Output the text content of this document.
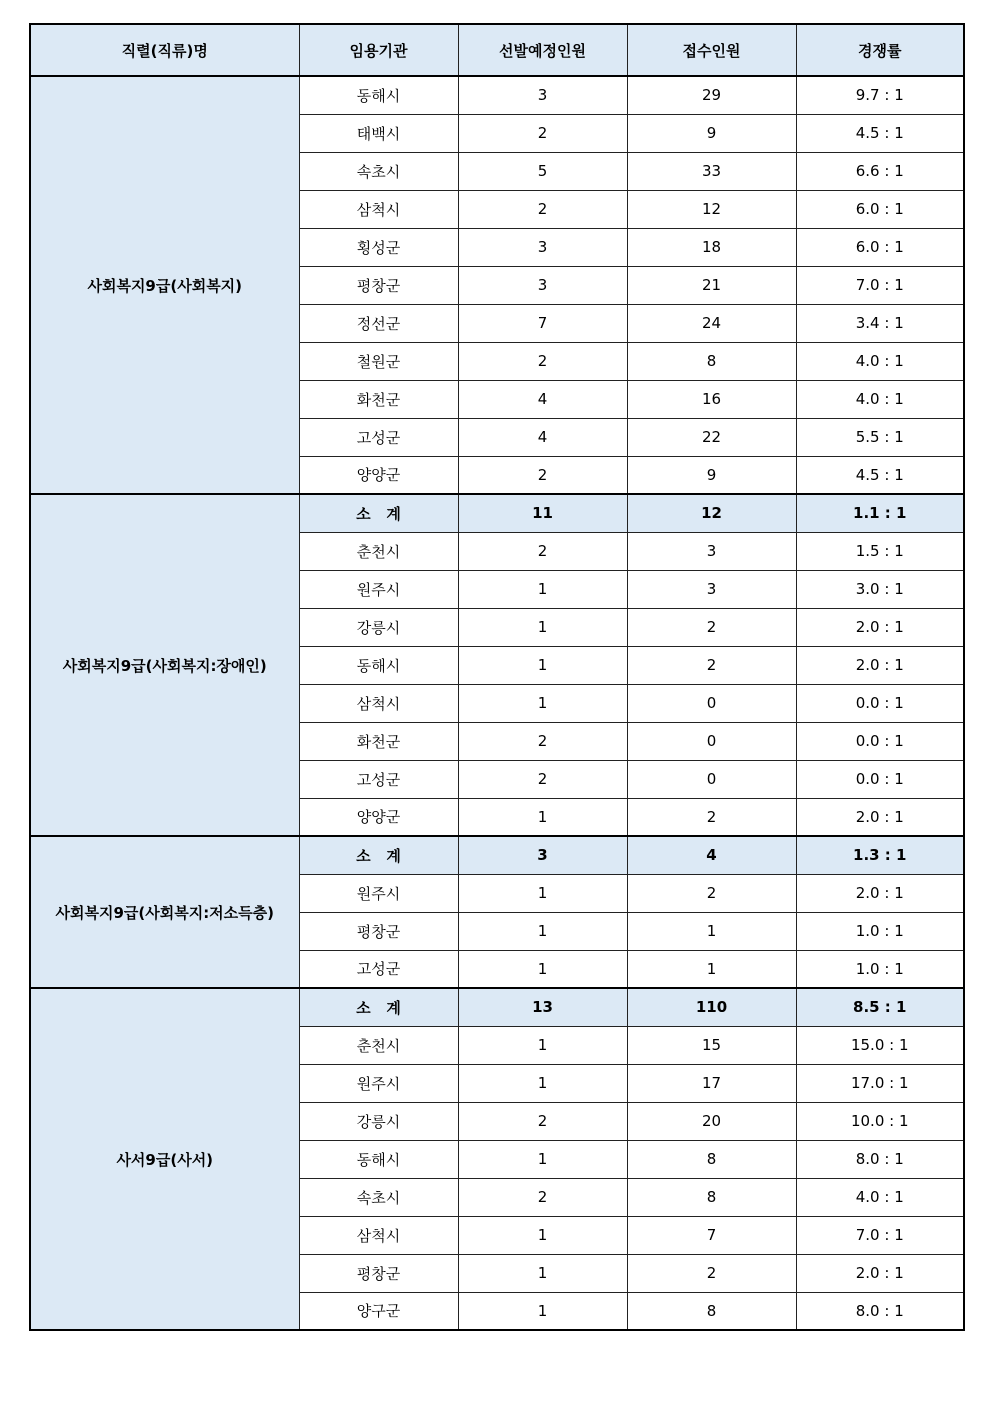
직렬(직류)명	임용기관	선발예정인원	접수인원	경쟁률
사회복지9급(사회복지)	동해시	3	29	9.7 : 1
	태백시	2	9	4.5 : 1
	속초시	5	33	6.6 : 1
	삼척시	2	12	6.0 : 1
	횡성군	3	18	6.0 : 1
	평창군	3	21	7.0 : 1
	정선군	7	24	3.4 : 1
	철원군	2	8	4.0 : 1
	화천군	4	16	4.0 : 1
	고성군	4	22	5.5 : 1
	양양군	2	9	4.5 : 1
사회복지9급(사회복지:장애인)	소   계	11	12	1.1 : 1
	춘천시	2	3	1.5 : 1
	원주시	1	3	3.0 : 1
	강릉시	1	2	2.0 : 1
	동해시	1	2	2.0 : 1
	삼척시	1	0	0.0 : 1
	화천군	2	0	0.0 : 1
	고성군	2	0	0.0 : 1
	양양군	1	2	2.0 : 1
사회복지9급(사회복지:저소득층)	소   계	3	4	1.3 : 1
	원주시	1	2	2.0 : 1
	평창군	1	1	1.0 : 1
	고성군	1	1	1.0 : 1
사서9급(사서)	소   계	13	110	8.5 : 1
	춘천시	1	15	15.0 : 1
	원주시	1	17	17.0 : 1
	강릉시	2	20	10.0 : 1
	동해시	1	8	8.0 : 1
	속초시	2	8	4.0 : 1
	삼척시	1	7	7.0 : 1
	평창군	1	2	2.0 : 1
	양구군	1	8	8.0 : 1
